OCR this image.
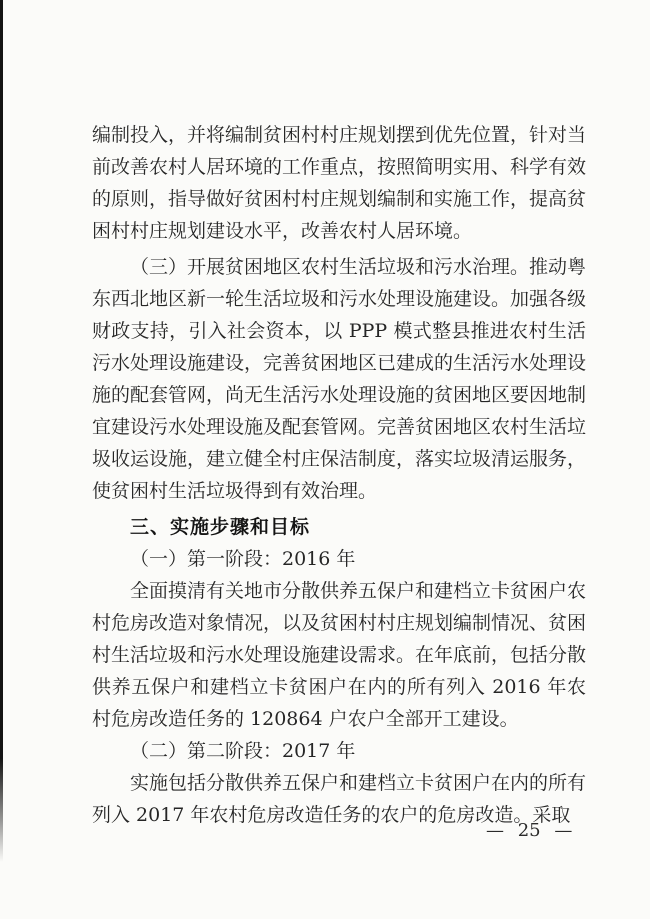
编制投入，并将编制贫困村村庄规划摆到优先位置，针对当前改善农村人居环境的工作重点，按照简明实用、科学有效的原则，指导做好贫困村村庄规划编制和实施工作，提高贫困村村庄规划建设水平，改善农村人居环境。

（三）开展贫困地区农村生活垃圾和污水治理。推动粤东西北地区新一轮生活垃圾和污水处理设施建设。加强各级财政支持，引入社会资本，以 PPP 模式整县推进农村生活污水处理设施建设，完善贫困地区已建成的生活污水处理设施的配套管网，尚无生活污水处理设施的贫困地区要因地制宜建设污水处理设施及配套管网。完善贫困地区农村生活垃圾收运设施，建立健全村庄保洁制度，落实垃圾清运服务，使贫困村生活垃圾得到有效治理。

三、实施步骤和目标

（一）第一阶段：2016 年

全面摸清有关地市分散供养五保户和建档立卡贫困户农村危房改造对象情况，以及贫困村村庄规划编制情况、贫困村生活垃圾和污水处理设施建设需求。在年底前，包括分散供养五保户和建档立卡贫困户在内的所有列入 2016 年农村危房改造任务的 120864 户农户全部开工建设。

（二）第二阶段：2017 年

实施包括分散供养五保户和建档立卡贫困户在内的所有列入 2017 年农村危房改造任务的农户的危房改造。采取

— 25 —
